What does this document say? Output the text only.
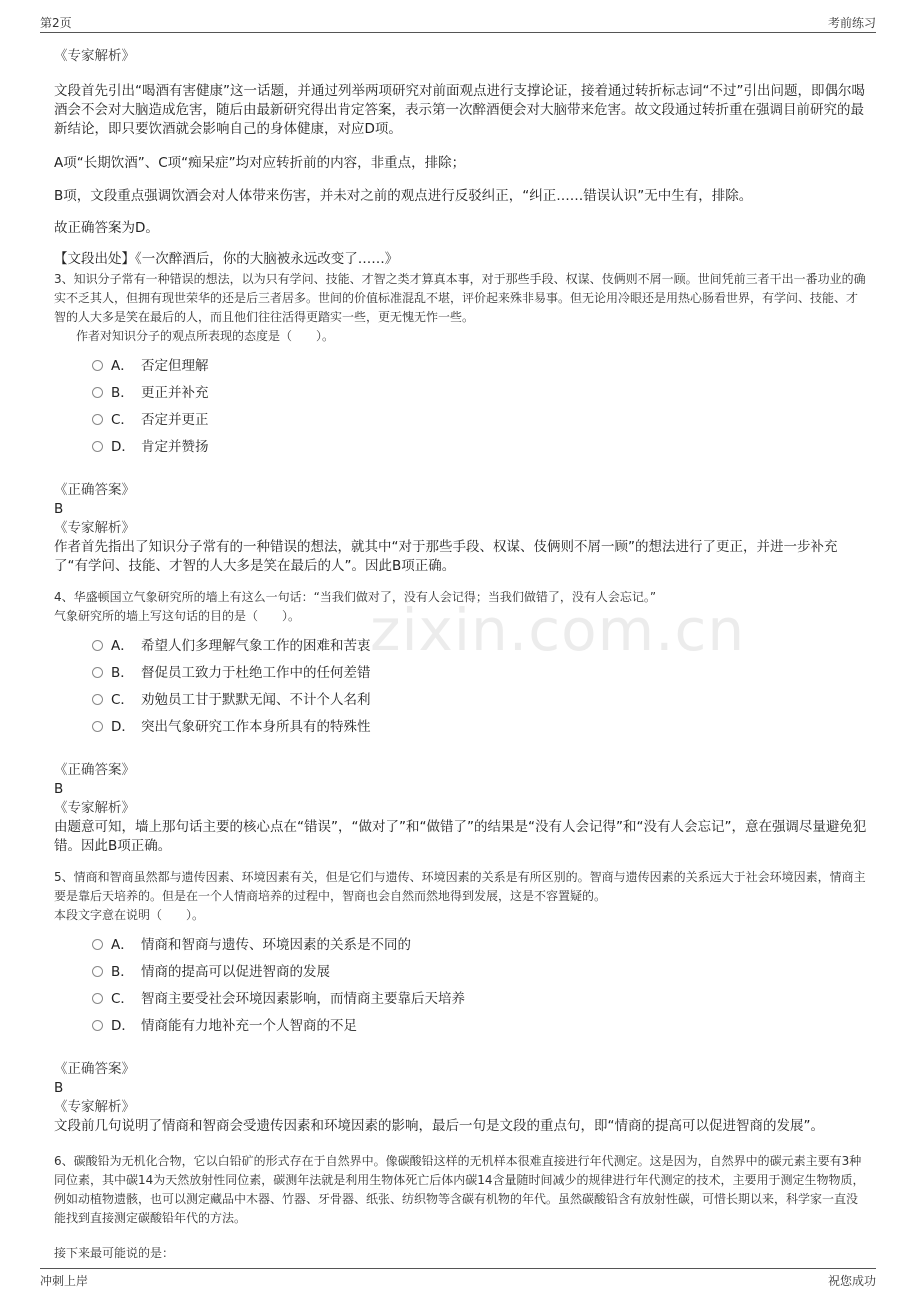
第2页	考前练习
zixin.com.cn

《专家解析》

文段首先引出“喝酒有害健康”这一话题，并通过列举两项研究对前面观点进行支撑论证，接着通过转折标志词“不过”引出问题，即偶尔喝酒会不会对大脑造成危害，随后由最新研究得出肯定答案，表示第一次醉酒便会对大脑带来危害。故文段通过转折重在强调目前研究的最新结论，即只要饮酒就会影响自己的身体健康，对应D项。

A项“长期饮酒”、C项“痴呆症”均对应转折前的内容，非重点，排除；

B项，文段重点强调饮酒会对人体带来伤害，并未对之前的观点进行反驳纠正，“纠正……错误认识”无中生有，排除。

故正确答案为D。

【文段出处】《一次醉酒后，你的大脑被永远改变了……》

3、知识分子常有一种错误的想法，以为只有学问、技能、才智之类才算真本事，对于那些手段、权谋、伎俩则不屑一顾。世间凭前三者干出一番功业的确实不乏其人，但拥有现世荣华的还是后三者居多。世间的价值标准混乱不堪，评价起来殊非易事。但无论用冷眼还是用热心肠看世界，有学问、技能、才智的人大多是笑在最后的人，而且他们往往活得更踏实一些，更无愧无怍一些。

作者对知识分子的观点所表现的态度是（　　）。

A． 否定但理解
B． 更正并补充
C． 否定并更正
D． 肯定并赞扬

《正确答案》

B

《专家解析》

作者首先指出了知识分子常有的一种错误的想法，就其中“对于那些手段、权谋、伎俩则不屑一顾”的想法进行了更正，并进一步补充了“有学问、技能、才智的人大多是笑在最后的人”。因此B项正确。

4、华盛顿国立气象研究所的墙上有这么一句话：“当我们做对了，没有人会记得；当我们做错了，没有人会忘记。”

气象研究所的墙上写这句话的目的是（　　）。

A． 希望人们多理解气象工作的困难和苦衷
B． 督促员工致力于杜绝工作中的任何差错
C． 劝勉员工甘于默默无闻、不计个人名利
D． 突出气象研究工作本身所具有的特殊性

《正确答案》

B

《专家解析》

由题意可知，墙上那句话主要的核心点在“错误”，“做对了”和“做错了”的结果是“没有人会记得”和“没有人会忘记”，意在强调尽量避免犯错。因此B项正确。

5、情商和智商虽然都与遗传因素、环境因素有关，但是它们与遗传、环境因素的关系是有所区别的。智商与遗传因素的关系远大于社会环境因素，情商主要是靠后天培养的。但是在一个人情商培养的过程中，智商也会自然而然地得到发展，这是不容置疑的。

本段文字意在说明（　　）。

A． 情商和智商与遗传、环境因素的关系是不同的
B． 情商的提高可以促进智商的发展
C． 智商主要受社会环境因素影响，而情商主要靠后天培养
D． 情商能有力地补充一个人智商的不足

《正确答案》

B

《专家解析》

文段前几句说明了情商和智商会受遗传因素和环境因素的影响，最后一句是文段的重点句，即“情商的提高可以促进智商的发展”。

6、碳酸铅为无机化合物，它以白铅矿的形式存在于自然界中。像碳酸铅这样的无机样本很难直接进行年代测定。这是因为，自然界中的碳元素主要有3种同位素，其中碳14为天然放射性同位素，碳测年法就是利用生物体死亡后体内碳14含量随时间减少的规律进行年代测定的技术，主要用于测定生物物质，例如动植物遗骸，也可以测定藏品中木器、竹器、牙骨器、纸张、纺织物等含碳有机物的年代。虽然碳酸铅含有放射性碳，可惜长期以来，科学家一直没能找到直接测定碳酸铅年代的方法。

接下来最可能说的是：

冲刺上岸	祝您成功
